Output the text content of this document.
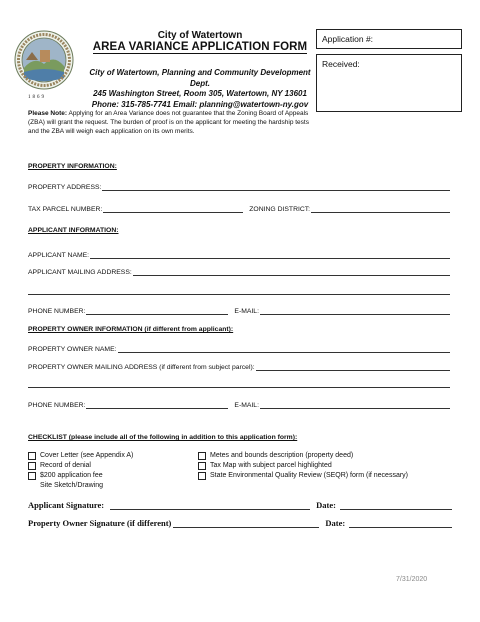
1869
City of Watertown
AREA VARIANCE APPLICATION FORM
City of Watertown, Planning and Community Development Dept.
245 Washington Street, Room 305, Watertown, NY 13601
Phone: 315-785-7741 Email: planning@watertown-ny.gov
Application #:
Received:
Please Note: Applying for an Area Variance does not guarantee that the Zoning Board of Appeals (ZBA) will grant the request. The burden of proof is on the applicant for meeting the hardship tests and the ZBA will weigh each application on its own merits.
PROPERTY INFORMATION:
PROPERTY ADDRESS:
TAX PARCEL NUMBER:	ZONING DISTRICT:
APPLICANT INFORMATION:
APPLICANT NAME:
APPLICANT MAILING ADDRESS:
PHONE NUMBER:	E-MAIL:
PROPERTY OWNER INFORMATION (if different from applicant):
PROPERTY OWNER NAME:
PROPERTY OWNER MAILING ADDRESS (if different from subject parcel):
PHONE NUMBER:	E-MAIL:
CHECKLIST (please include all of the following in addition to this application form):
Cover Letter (see Appendix A)
Record of denial
$200 application fee
Site Sketch/Drawing
Metes and bounds description (property deed)
Tax Map with subject parcel highlighted
State Environmental Quality Review (SEQR) form (if necessary)
Applicant Signature:	Date:
Property Owner Signature (if different)	Date:
7/31/2020
